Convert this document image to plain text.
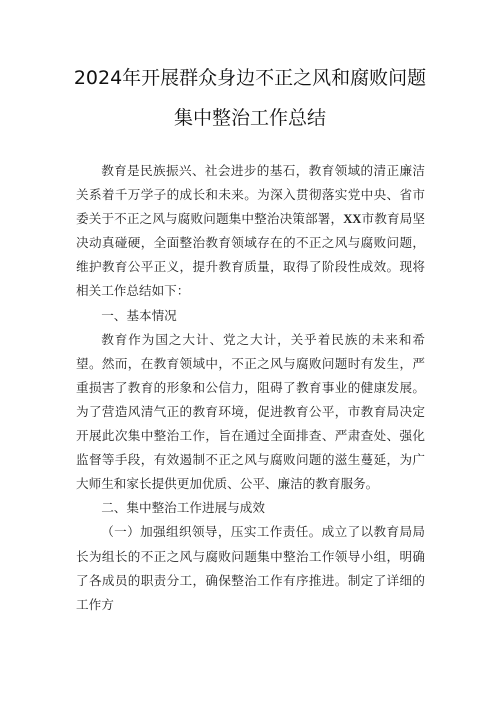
2024年开展群众身边不正之风和腐败问题
集中整治工作总结

教育是民族振兴、社会进步的基石，教育领域的清正廉洁关系着千万学子的成长和未来。为深入贯彻落实党中央、省市委关于不正之风与腐败问题集中整治决策部署，XX市教育局坚决动真碰硬，全面整治教育领域存在的不正之风与腐败问题，维护教育公平正义，提升教育质量，取得了阶段性成效。现将相关工作总结如下：

一、基本情况

教育作为国之大计、党之大计，关乎着民族的未来和希望。然而，在教育领域中，不正之风与腐败问题时有发生，严重损害了教育的形象和公信力，阻碍了教育事业的健康发展。为了营造风清气正的教育环境，促进教育公平，市教育局决定开展此次集中整治工作，旨在通过全面排查、严肃查处、强化监督等手段，有效遏制不正之风与腐败问题的滋生蔓延，为广大师生和家长提供更加优质、公平、廉洁的教育服务。

二、集中整治工作进展与成效

（一）加强组织领导，压实工作责任。成立了以教育局局长为组长的不正之风与腐败问题集中整治工作领导小组，明确了各成员的职责分工，确保整治工作有序推进。制定了详细的工作方
